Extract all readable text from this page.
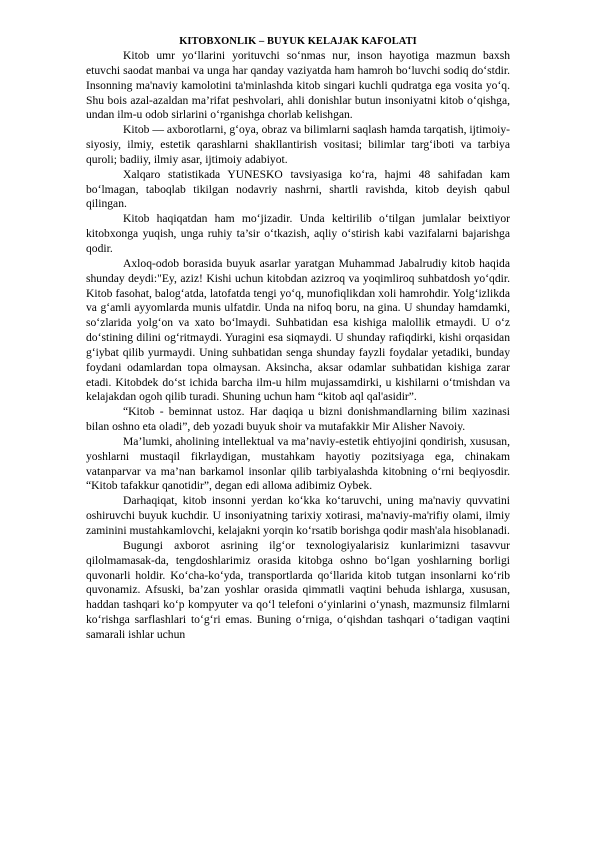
KITOBXONLIK – BUYUK KELAJAK KAFOLATI

Kitob umr yo‘llarini yorituvchi so‘nmas nur, inson hayotiga mazmun baxsh etuvchi saodat manbai va unga har qanday vaziyatda ham hamroh bo‘luvchi sodiq do‘stdir. Insonning ma'naviy kamolotini ta'minlashda kitob singari kuchli qudratga ega vosita yo‘q. Shu bois azal-azaldan ma’rifat peshvolari, ahli donishlar butun insoniyatni kitob o‘qishga, undan ilm-u odob sirlarini o‘rganishga chorlab kelishgan.

Kitob — axborotlarni, g‘oya, obraz va bilimlarni saqlash hamda tarqatish, ijtimoiy-siyosiy, ilmiy, estetik qarashlarni shakllantirish vositasi; bilimlar targ‘iboti va tarbiya quroli; badiiy, ilmiy asar, ijtimoiy adabiyot.

Xalqaro statistikada YUNESKO tavsiyasiga ko‘ra, hajmi 48 sahifadan kam bo‘lmagan, taboqlab tikilgan nodavriy nashrni, shartli ravishda, kitob deyish qabul qilingan.

Kitob haqiqatdan ham mo‘jizadir. Unda keltirilib o‘tilgan jumlalar beixtiyor kitobxonga yuqish, unga ruhiy ta’sir o‘tkazish, aqliy o‘stirish kabi vazifalarni bajarishga qodir.

Axloq-odob borasida buyuk asarlar yaratgan Muhammad Jabalrudiy kitob haqida shunday deydi:"Ey, aziz! Kishi uchun kitobdan azizroq va yoqimliroq suhbatdosh yo‘qdir. Kitob fasohat, balog‘atda, latofatda tengi yo‘q, munofiqlikdan xoli hamrohdir. Yolg‘izlikda va g‘amli ayyomlarda munis ulfatdir. Unda na nifoq boru, na gina. U shunday hamdamki, so‘zlarida yolg‘on va xato bo‘lmaydi. Suhbatidan esa kishiga malollik etmaydi. U o‘z do‘stining dilini og‘ritmaydi. Yuragini esa siqmaydi. U shunday rafiqdirki, kishi orqasidan g‘iybat qilib yurmaydi. Uning suhbatidan senga shunday fayzli foydalar yetadiki, bunday foydani odamlardan topa olmaysan. Aksincha, aksar odamlar suhbatidan kishiga zarar etadi. Kitobdek do‘st ichida barcha ilm-u hilm mujassamdirki, u kishilarni o‘tmishdan va kelajakdan ogoh qilib turadi. Shuning uchun ham “kitob aql qal'asidir”.

“Kitob - beminnat ustoz. Har daqiqa u bizni donishmandlarning bilim xazinasi bilan oshno eta oladi”, deb yozadi buyuk shoir va mutafakkir Mir Alisher Navoiy.

Ma’lumki, aholining intellektual va ma’naviy-estetik ehtiyojini qondirish, xususan, yoshlarni mustaqil fikrlaydigan, mustahkam hayotiy pozitsiyaga ega, chinakam vatanparvar va ma’nan barkamol insonlar qilib tarbiyalashda kitobning o‘rni beqiyosdir. “Kitob tafakkur qanotidir”, degan edi allома adibimiz Oybek.

Darhaqiqat, kitob insonni yerdan ko‘kka ko‘taruvchi, uning ma'naviy quvvatini oshiruvchi buyuk kuchdir. U insoniyatning tarixiy xotirasi, ma'naviy-ma'rifiy olami, ilmiy zaminini mustahkamlovchi, kelajakni yorqin ko‘rsatib borishga qodir mash'ala hisoblanadi.

Bugungi axborot asrining ilg‘or texnologiyalarisiz kunlarimizni tasavvur qilolmamasak-da, tengdoshlarimiz orasida kitobga oshno bo‘lgan yoshlarning borligi quvonarli holdir. Ko‘cha-ko‘yda, transportlarda qo‘llarida kitob tutgan insonlarni ko‘rib quvonamiz. Afsuski, ba’zan yoshlar orasida qimmatli vaqtini behuda ishlarga, xususan, haddan tashqari ko‘p kompyuter va qo‘l telefoni o‘yinlarini o‘ynash, mazmunsiz filmlarni ko‘rishga sarflashlari to‘g‘ri emas. Buning o‘rniga, o‘qishdan tashqari o‘tadigan vaqtini samarali ishlar uchun
